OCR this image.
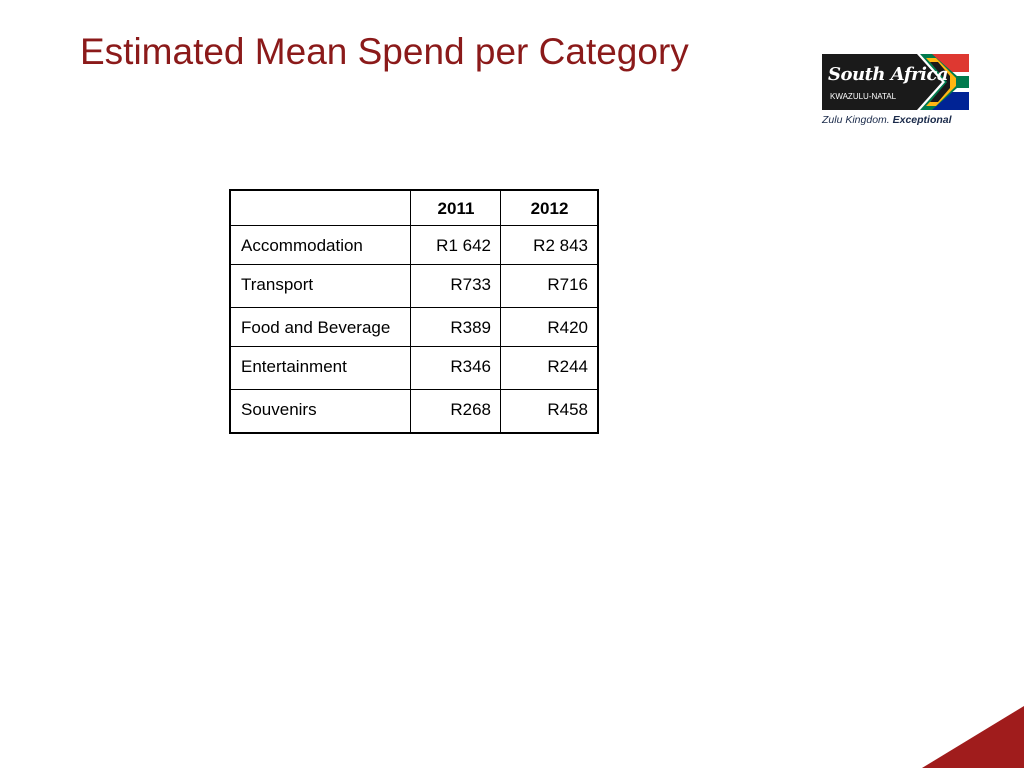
Estimated Mean Spend per Category
South Africa
KWAZULU-NATAL
Zulu Kingdom. Exceptional
	2011	2012
Accommodation	R1 642	R2 843
Transport	R733	R716
Food and Beverage	R389	R420
Entertainment	R346	R244
Souvenirs	R268	R458
